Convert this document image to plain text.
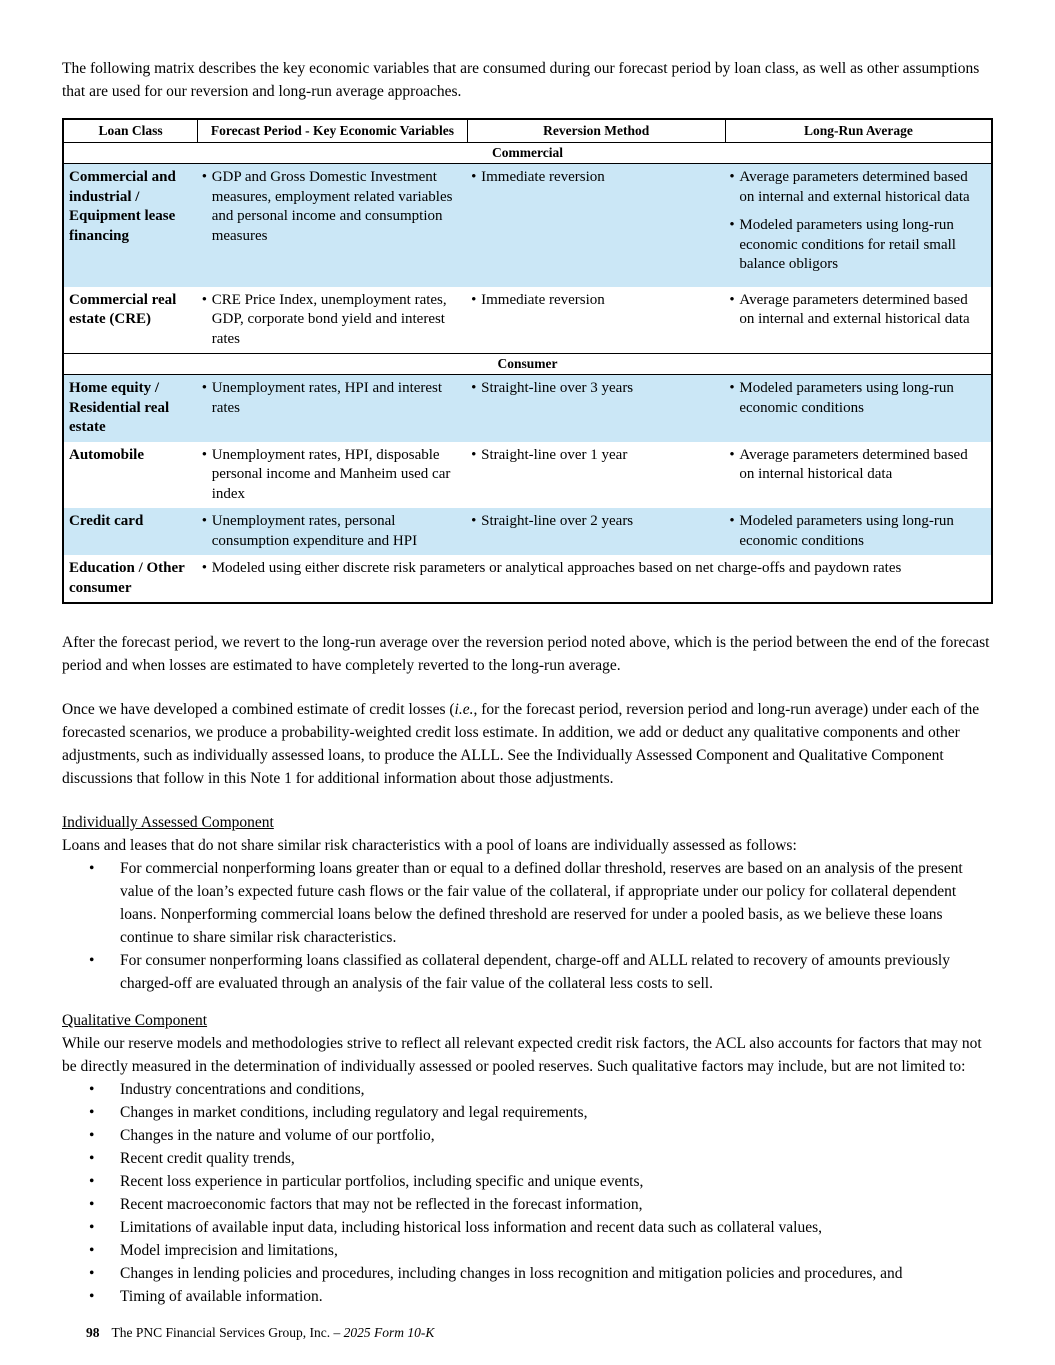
The following matrix describes the key economic variables that are consumed during our forecast period by loan class, as well as other assumptions that are used for our reversion and long-run average approaches.

Loan Class	Forecast Period - Key Economic Variables	Reversion Method	Long-Run Average
Commercial			
Commercial and industrial / Equipment lease financing	• GDP and Gross Domestic Investment measures, employment related variables and personal income and consumption measures	• Immediate reversion	• Average parameters determined based on internal and external historical data
• Modeled parameters using long-run economic conditions for retail small balance obligors

Commercial real estate (CRE)	• CRE Price Index, unemployment rates, GDP, corporate bond yield and interest rates	• Immediate reversion	• Average parameters determined based on internal and external historical data

Consumer			
Home equity / Residential real estate	• Unemployment rates, HPI and interest rates	• Straight-line over 3 years	• Modeled parameters using long-run economic conditions

Automobile	• Unemployment rates, HPI, disposable personal income and Manheim used car index	• Straight-line over 1 year	• Average parameters determined based on internal historical data

Credit card	• Unemployment rates, personal consumption expenditure and HPI	• Straight-line over 2 years	• Modeled parameters using long-run economic conditions

Education / Other consumer	• Modeled using either discrete risk parameters or analytical approaches based on net charge-offs and paydown rates

After the forecast period, we revert to the long-run average over the reversion period noted above, which is the period between the end of the forecast period and when losses are estimated to have completely reverted to the long-run average.

Once we have developed a combined estimate of credit losses (i.e., for the forecast period, reversion period and long-run average) under each of the forecasted scenarios, we produce a probability-weighted credit loss estimate. In addition, we add or deduct any qualitative components and other adjustments, such as individually assessed loans, to produce the ALLL. See the Individually Assessed Component and Qualitative Component discussions that follow in this Note 1 for additional information about those adjustments.

Individually Assessed Component

Loans and leases that do not share similar risk characteristics with a pool of loans are individually assessed as follows:

• For commercial nonperforming loans greater than or equal to a defined dollar threshold, reserves are based on an analysis of the present value of the loan’s expected future cash flows or the fair value of the collateral, if appropriate under our policy for collateral dependent loans. Nonperforming commercial loans below the defined threshold are reserved for under a pooled basis, as we believe these loans continue to share similar risk characteristics.
• For consumer nonperforming loans classified as collateral dependent, charge-off and ALLL related to recovery of amounts previously charged-off are evaluated through an analysis of the fair value of the collateral less costs to sell.
Qualitative Component

While our reserve models and methodologies strive to reflect all relevant expected credit risk factors, the ACL also accounts for factors that may not be directly measured in the determination of individually assessed or pooled reserves. Such qualitative factors may include, but are not limited to:

• Industry concentrations and conditions,
• Changes in market conditions, including regulatory and legal requirements,
• Changes in the nature and volume of our portfolio,
• Recent credit quality trends,
• Recent loss experience in particular portfolios, including specific and unique events,
• Recent macroeconomic factors that may not be reflected in the forecast information,
• Limitations of available input data, including historical loss information and recent data such as collateral values,
• Model imprecision and limitations,
• Changes in lending policies and procedures, including changes in loss recognition and mitigation policies and procedures, and
• Timing of available information.
98 The PNC Financial Services Group, Inc. – 2025 Form 10-K
